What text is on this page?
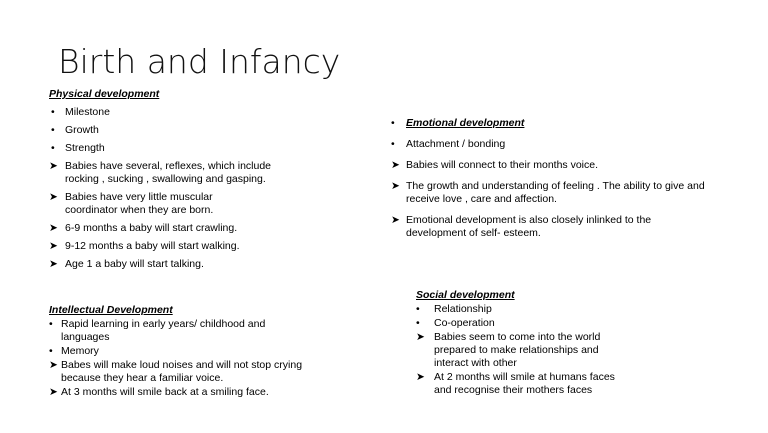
Birth and Infancy
Physical development
• Milestone
• Growth
• Strength
➤ Babies have several, reflexes, which include rocking , sucking , swallowing and gasping.
➤ Babies have very little muscular coordinator when they are born.
➤ 6-9 months a baby will start crawling.
➤ 9-12 months a baby will start walking.
➤ Age 1 a baby will start talking.
Intellectual Development
• Rapid learning in early years/ childhood and languages
• Memory
➤ Babes will make loud noises and will not stop crying because they hear a familiar voice.
➤ At 3 months will smile back at a smiling face.
• Emotional development
• Attachment / bonding
➤ Babies will connect to their months voice.
➤ The growth and understanding of feeling . The ability to give and receive love , care and affection.
➤ Emotional development is also closely inlinked to the development of self- esteem.
Social development
• Relationship
• Co-operation
➤ Babies seem to come into the world prepared to make relationships and interact with other
➤ At 2 months will smile at humans faces and recognise their mothers faces
